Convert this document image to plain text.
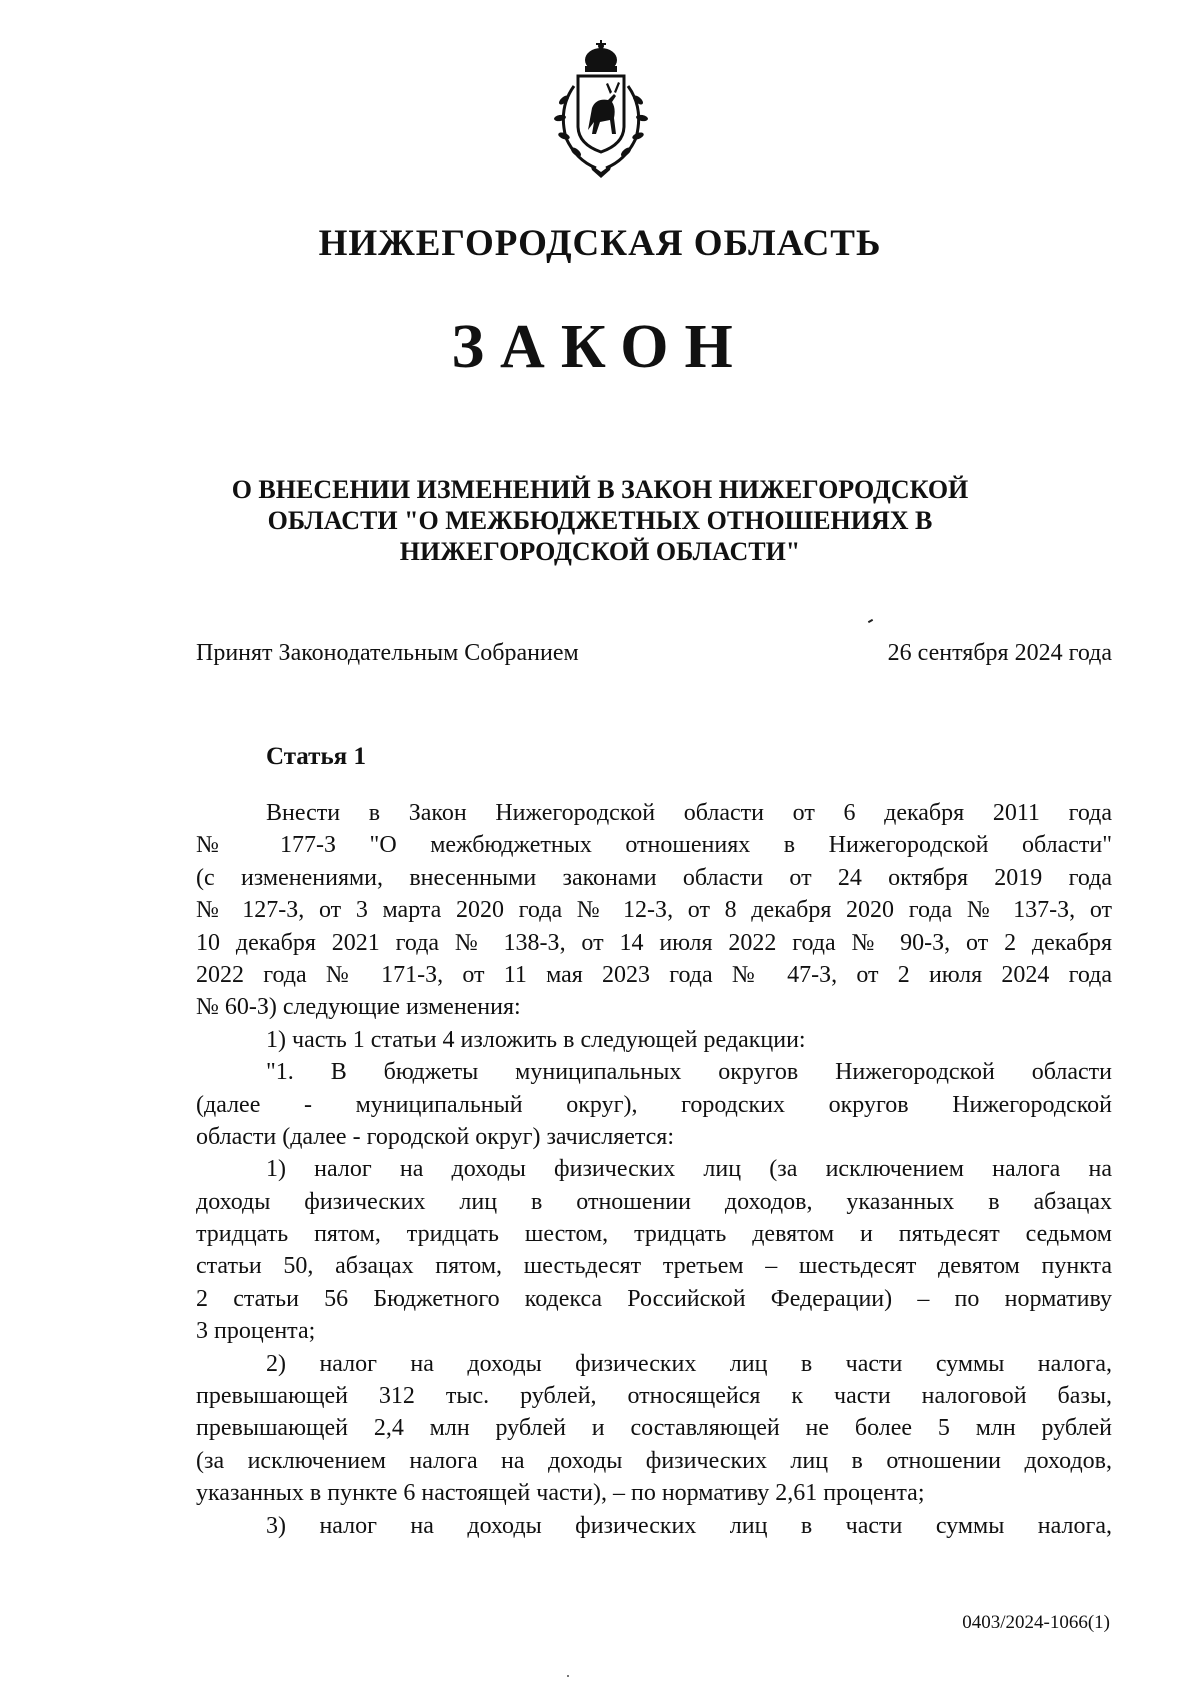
НИЖЕГОРОДСКАЯ ОБЛАСТЬ
ЗАКОН
О ВНЕСЕНИИ ИЗМЕНЕНИЙ В ЗАКОН НИЖЕГОРОДСКОЙ
ОБЛАСТИ "О МЕЖБЮДЖЕТНЫХ ОТНОШЕНИЯХ В
НИЖЕГОРОДСКОЙ ОБЛАСТИ"
Принят Законодательным Собранием	26 сентября 2024 года
Статья 1
Внести в Закон Нижегородской области от 6 декабря 2011 года
№ 177-З "О межбюджетных отношениях в Нижегородской области"
(с изменениями, внесенными законами области от 24 октября 2019 года
№ 127-З, от 3 марта 2020 года № 12-З, от 8 декабря 2020 года № 137-З, от
10 декабря 2021 года № 138-З, от 14 июля 2022 года № 90-З, от 2 декабря
2022 года № 171-З, от 11 мая 2023 года № 47-З, от 2 июля 2024 года
№ 60-З) следующие изменения:
1) часть 1 статьи 4 изложить в следующей редакции:
"1. В бюджеты муниципальных округов Нижегородской области
(далее - муниципальный округ), городских округов Нижегородской
области (далее - городской округ) зачисляется:
1) налог на доходы физических лиц (за исключением налога на
доходы физических лиц в отношении доходов, указанных в абзацах
тридцать пятом, тридцать шестом, тридцать девятом и пятьдесят седьмом
статьи 50, абзацах пятом, шестьдесят третьем – шестьдесят девятом пункта
2 статьи 56 Бюджетного кодекса Российской Федерации) – по нормативу
3 процента;
2) налог на доходы физических лиц в части суммы налога,
превышающей 312 тыс. рублей, относящейся к части налоговой базы,
превышающей 2,4 млн рублей и составляющей не более 5 млн рублей
(за исключением налога на доходы физических лиц в отношении доходов,
указанных в пункте 6 настоящей части), – по нормативу 2,61 процента;
3) налог на доходы физических лиц в части суммы налога,
0403/2024-1066(1)
